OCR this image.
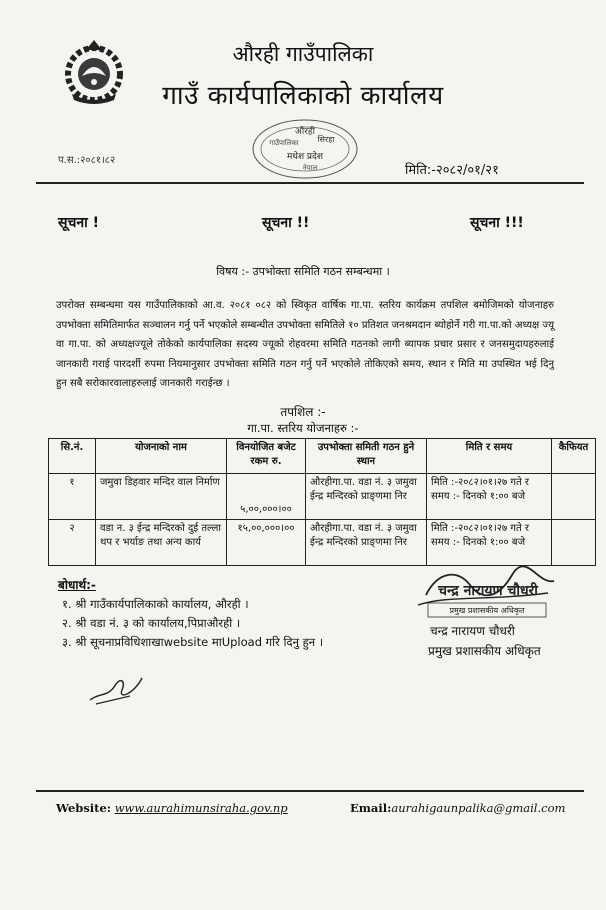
औरही गाउँपालिका
गाउँ कार्यपालिकाको कार्यालय
औरही
गाउँपालिका सिरहा
मधेश प्रदेश
नेपाल
प.स.:२०८१।८२
मिति:-२०८२/०१/२१
सूचना !	सूचना !!	सूचना !!!
विषय :- उपभोक्ता समिति गठन सम्बन्धमा ।
उपरोक्त सम्बन्धमा यस गाउँपालिकाको आ.व. २०८१ ०८२ को स्विकृत वार्षिक गा.पा. स्तरिय कार्यक्रम तपशिल बमोजिमको योजनाहरु उपभोक्ता समितिमार्फत सञ्चालन गर्नु पर्ने भएकोले सम्बन्धीत उपभोक्ता समितिले १० प्रतिशत जनश्रमदान ब्योहोर्ने गरी गा.पा.को अध्यक्ष ज्यू वा गा.पा. को अध्यक्षज्यूले तोकेको कार्यपालिका सदस्य ज्यूको रोहवरमा समिति गठनको लागी ब्यापक प्रचार प्रसार र जनसमुदायहरुलाई जानकारी गराई पारदर्शी रुपमा नियमानुसार उपभोक्ता समिति गठन गर्नु पर्ने भएकोले तोकिएको समय, स्थान र मिति मा उपस्थित भई दिनु हुन सबै सरोकारवालाहरुलाई जानकारी गराईन्छ ।
तपशिल :-
गा.पा. स्तरिय योजनाहरु :-
सि.नं.	योजनाको नाम	विनयोजित बजेट रकम रु.	उपभोक्ता समिती गठन हुने स्थान	मिति र समय	कैफियत
१	जमुवा डिहवार मन्दिर वाल निर्माण	५,००,०००।००	औरहीगा.पा. वडा नं. ३ जमुवा ईन्द्र मन्दिरको प्राङ्णमा निर	मिति :-२०८२।०१।२७ गते र समय :- दिनको १:०० बजे	
२	वडा न. ३ ईन्द्र मन्दिरको दुई तल्ला थप र भर्याङ तथा अन्य कार्य	१५,००,०००।००	औरहीगा.पा. वडा नं. ३ जमुवा ईन्द्र मन्दिरको प्राङ्णमा निर	मिति :-२०८२।०१।२७ गते र समय :- दिनको १:०० बजे	
बोधार्थ:-
१. श्री गाउँकार्यपालिकाको कार्यालय, औरही ।
२. श्री वडा नं. ३ को कार्यालय,पिप्राऔरही ।
३. श्री सूचनाप्रविधिशाखाwebsite माUpload गरि दिनु हुन ।
चन्द्र नारायण चौधरी
प्रमुख प्रशासकीय अधिकृत
चन्द्र नारायण चौधरी
प्रमुख प्रशासकीय अधिकृत
Website: www.aurahimunsiraha.gov.np	Email:aurahigaunpalika@gmail.com
